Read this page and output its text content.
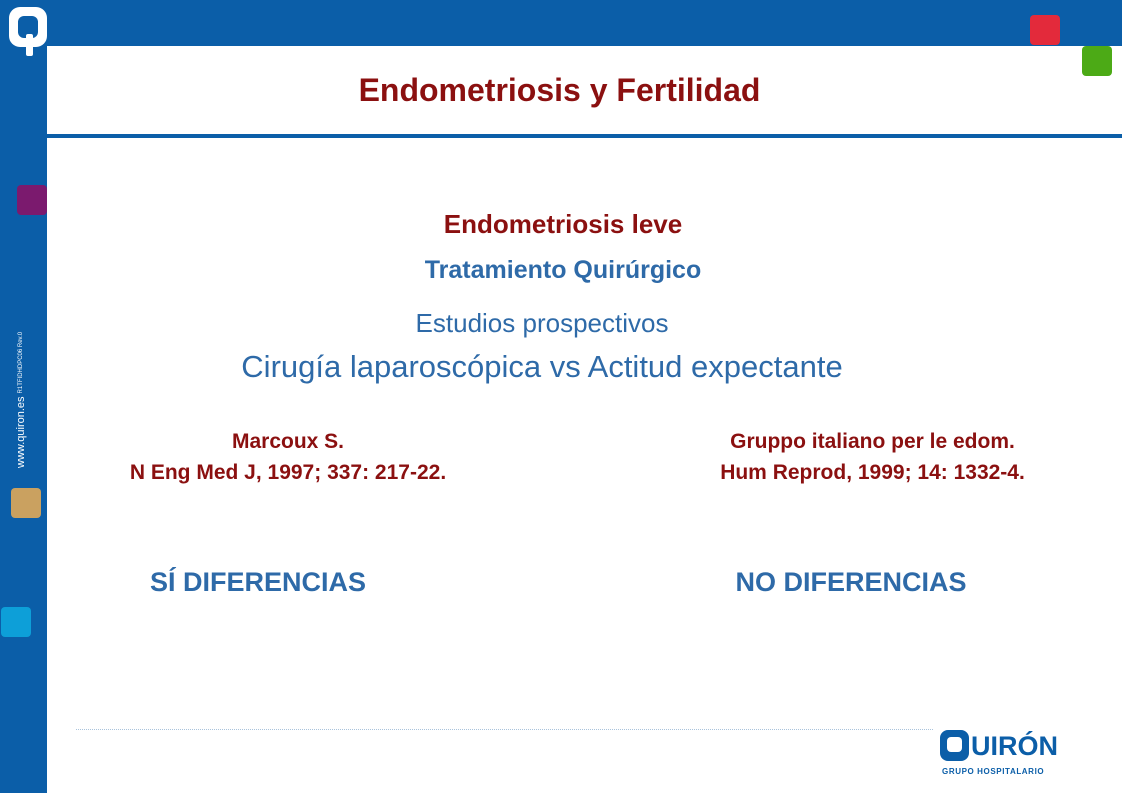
www.quiron.esR1TFIDHDPC06 Rev.0
Endometriosis y Fertilidad

Endometriosis leve

Tratamiento Quirúrgico

Estudios prospectivos

Cirugía laparoscópica vs Actitud expectante

Marcoux S.
N Eng Med J, 1997; 337: 217-22.
Gruppo italiano per le edom.
Hum Reprod, 1999; 14: 1332-4.
SÍ DIFERENCIAS	NO DIFERENCIAS
UIRÓN
GRUPO HOSPITALARIO
